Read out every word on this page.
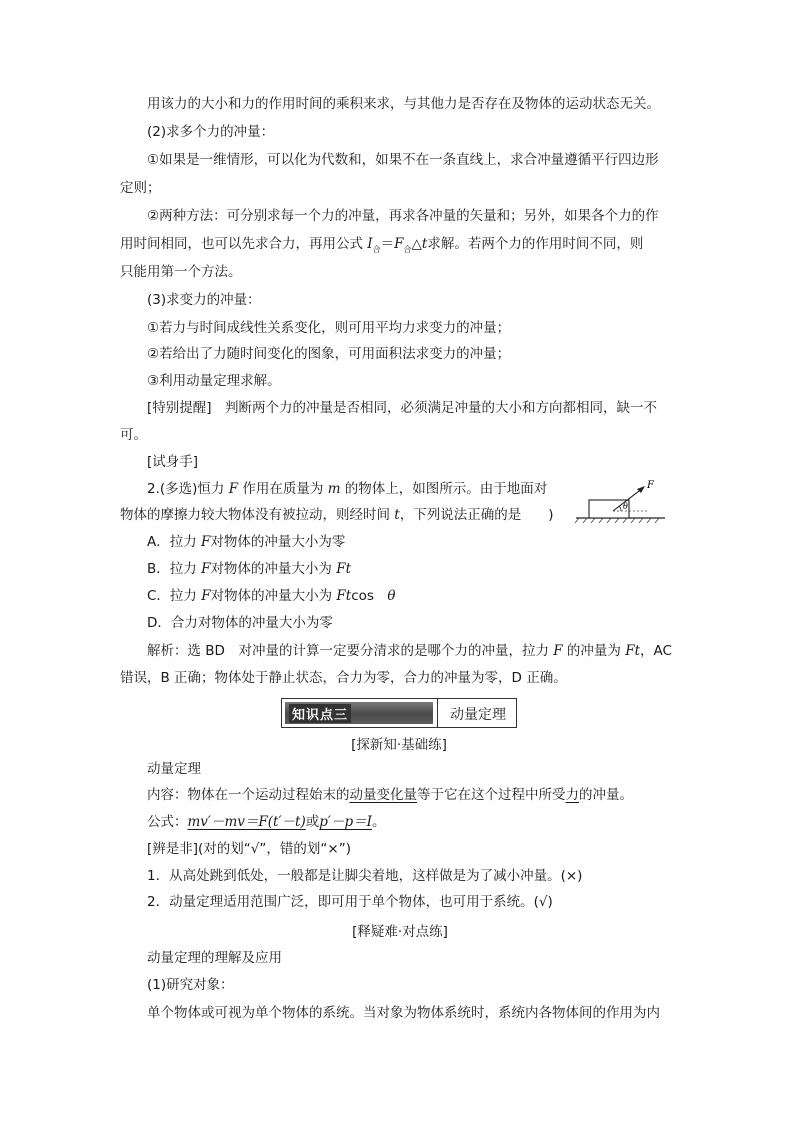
用该力的大小和力的作用时间的乘积来求，与其他力是否存在及物体的运动状态无关。
(2)求多个力的冲量：
①如果是一维情形，可以化为代数和，如果不在一条直线上，求合冲量遵循平行四边形
定则；
②两种方法：可分别求每一个力的冲量，再求各冲量的矢量和；另外，如果各个力的作
用时间相同，也可以先求合力，再用公式 $I_合=F_合\triangle t$求解。若两个力的作用时间不同，则
只能用第一个方法。
(3)求变力的冲量：
①若力与时间成线性关系变化，则可用平均力求变力的冲量；
②若给出了力随时间变化的图象，可用面积法求变力的冲量；
③利用动量定理求解。
[特别提醒]　判断两个力的冲量是否相同，必须满足冲量的大小和方向都相同，缺一不
可。
[试身手]
2.(多选)恒力 F 作用在质量为 m 的物体上，如图所示。由于地面对
物体的摩擦力较大物体没有被拉动，则经时间 t，下列说法正确的是　　)
θ
F
A．拉力 F对物体的冲量大小为零
B．拉力 F对物体的冲量大小为 Ft
C．拉力 F对物体的冲量大小为 Ftcos　θ
D．合力对物体的冲量大小为零
解析：选 BD　对冲量的计算一定要分清求的是哪个力的冲量，拉力 F 的冲量为 Ft，AC
错误，B 正确；物体处于静止状态，合力为零，合力的冲量为零，D 正确。
知识点三	动量定理
[探新知·基础练]
动量定理
内容：物体在一个运动过程始末的动量变化量等于它在这个过程中所受力的冲量。
公式：mv′－mv＝F(t′－t)或p′－p＝I。
[辨是非](对的划“√”，错的划“×”)
1．从高处跳到低处，一般都是让脚尖着地，这样做是为了减小冲量。(×)
2．动量定理适用范围广泛，即可用于单个物体，也可用于系统。(√)
[释疑难·对点练]
动量定理的理解及应用
(1)研究对象：
单个物体或可视为单个物体的系统。当对象为物体系统时，系统内各物体间的作用为内
